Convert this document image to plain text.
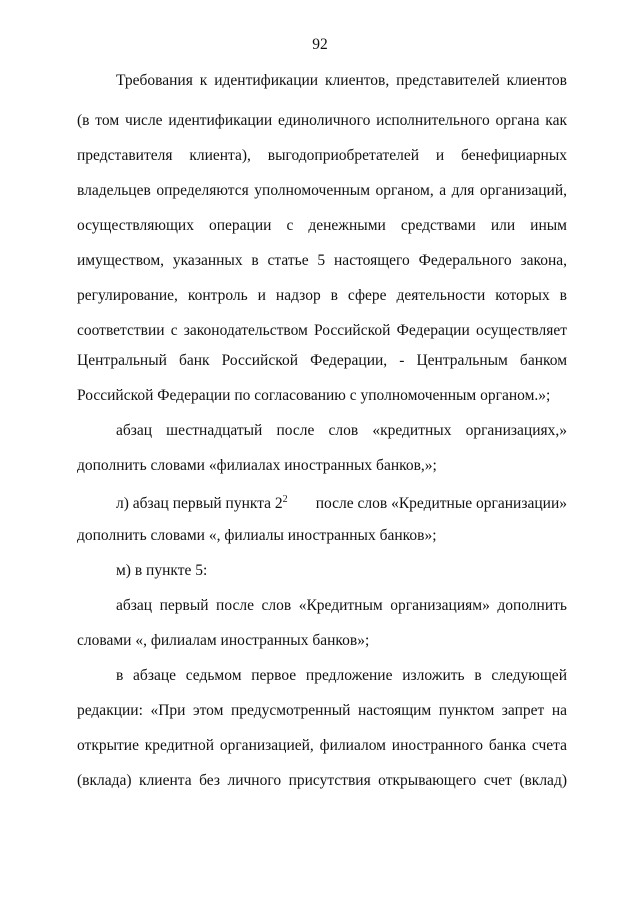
92
Требования к идентификации клиентов, представителей клиентов
(в том числе идентификации единоличного исполнительного органа как
представителя клиента), выгодоприобретателей и бенефициарных
владельцев определяются уполномоченным органом, а для организаций,
осуществляющих операции с денежными средствами или иным
имуществом, указанных в статье 5 настоящего Федерального закона,
регулирование, контроль и надзор в сфере деятельности которых в
соответствии с законодательством Российской Федерации осуществляет
Центральный банк Российской Федерации, - Центральным банком
Российской Федерации по согласованию с уполномоченным органом.»;
абзац шестнадцатый после слов «кредитных организациях,»
дополнить словами «филиалах иностранных банков,»;
л) абзац первый пункта $2^2$ после слов «Кредитные организации»
дополнить словами «, филиалы иностранных банков»;
м) в пункте 5:
абзац первый после слов «Кредитным организациям» дополнить
словами «, филиалам иностранных банков»;
в абзаце седьмом первое предложение изложить в следующей
редакции: «При этом предусмотренный настоящим пунктом запрет на
открытие кредитной организацией, филиалом иностранного банка счета
(вклада) клиента без личного присутствия открывающего счет (вклад)
